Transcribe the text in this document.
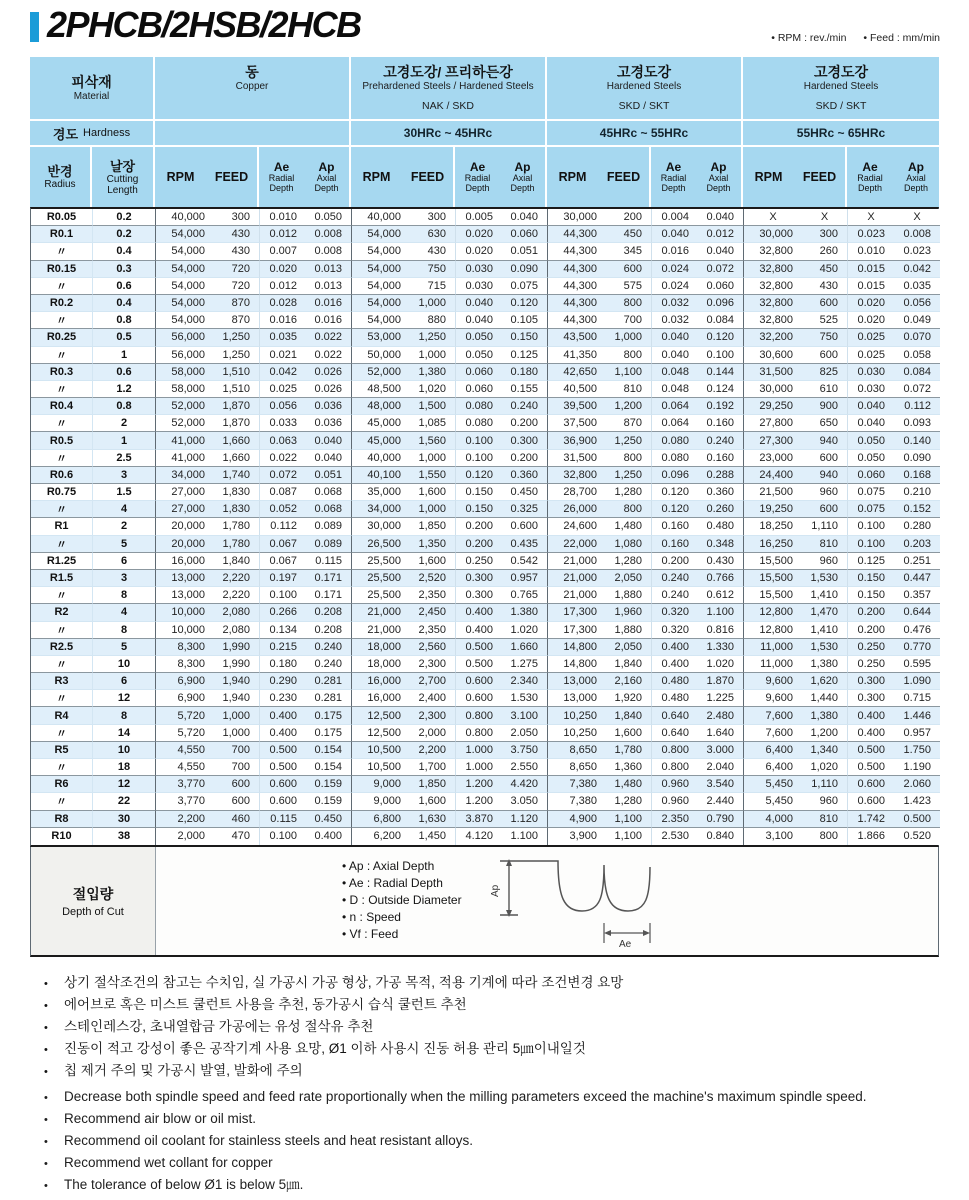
2PHCB/2HSB/2HCB	• RPM : rev./min • Feed : mm/min
피삭재
Material
동
Copper
고경도강/ 프리하든강
Prehardened Steels / Hardened Steels
NAK / SKD
고경도강
Hardened Steels
SKD / SKT
고경도강
Hardened Steels
SKD / SKT
경도 Hardness	30HRc ~ 45HRc	45HRc ~ 55HRc	55HRc ~ 65HRc
반경
Radius
날장
Cutting Length
RPM	FEED
Ae
Radial Depth
Ap
Axial Depth
RPM	FEED
Ae
Radial Depth
Ap
Axial Depth
RPM	FEED
Ae
Radial Depth
Ap
Axial Depth
RPM	FEED
Ae
Radial Depth
Ap
Axial Depth
R0.05	0.2	40,000	300	0.010	0.050	40,000	300	0.005	0.040	30,000	200	0.004	0.040	X	X	X	X
R0.1	0.2	54,000	430	0.012	0.008	54,000	630	0.020	0.060	44,300	450	0.040	0.012	30,000	300	0.023	0.008
〃	0.4	54,000	430	0.007	0.008	54,000	430	0.020	0.051	44,300	345	0.016	0.040	32,800	260	0.010	0.023
R0.15	0.3	54,000	720	0.020	0.013	54,000	750	0.030	0.090	44,300	600	0.024	0.072	32,800	450	0.015	0.042
〃	0.6	54,000	720	0.012	0.013	54,000	715	0.030	0.075	44,300	575	0.024	0.060	32,800	430	0.015	0.035
R0.2	0.4	54,000	870	0.028	0.016	54,000	1,000	0.040	0.120	44,300	800	0.032	0.096	32,800	600	0.020	0.056
〃	0.8	54,000	870	0.016	0.016	54,000	880	0.040	0.105	44,300	700	0.032	0.084	32,800	525	0.020	0.049
R0.25	0.5	56,000	1,250	0.035	0.022	53,000	1,250	0.050	0.150	43,500	1,000	0.040	0.120	32,200	750	0.025	0.070
〃	1	56,000	1,250	0.021	0.022	50,000	1,000	0.050	0.125	41,350	800	0.040	0.100	30,600	600	0.025	0.058
R0.3	0.6	58,000	1,510	0.042	0.026	52,000	1,380	0.060	0.180	42,650	1,100	0.048	0.144	31,500	825	0.030	0.084
〃	1.2	58,000	1,510	0.025	0.026	48,500	1,020	0.060	0.155	40,500	810	0.048	0.124	30,000	610	0.030	0.072
R0.4	0.8	52,000	1,870	0.056	0.036	48,000	1,500	0.080	0.240	39,500	1,200	0.064	0.192	29,250	900	0.040	0.112
〃	2	52,000	1,870	0.033	0.036	45,000	1,085	0.080	0.200	37,500	870	0.064	0.160	27,800	650	0.040	0.093
R0.5	1	41,000	1,660	0.063	0.040	45,000	1,560	0.100	0.300	36,900	1,250	0.080	0.240	27,300	940	0.050	0.140
〃	2.5	41,000	1,660	0.022	0.040	40,000	1,000	0.100	0.200	31,500	800	0.080	0.160	23,000	600	0.050	0.090
R0.6	3	34,000	1,740	0.072	0.051	40,100	1,550	0.120	0.360	32,800	1,250	0.096	0.288	24,400	940	0.060	0.168
R0.75	1.5	27,000	1,830	0.087	0.068	35,000	1,600	0.150	0.450	28,700	1,280	0.120	0.360	21,500	960	0.075	0.210
〃	4	27,000	1,830	0.052	0.068	34,000	1,000	0.150	0.325	26,000	800	0.120	0.260	19,250	600	0.075	0.152
R1	2	20,000	1,780	0.112	0.089	30,000	1,850	0.200	0.600	24,600	1,480	0.160	0.480	18,250	1,110	0.100	0.280
〃	5	20,000	1,780	0.067	0.089	26,500	1,350	0.200	0.435	22,000	1,080	0.160	0.348	16,250	810	0.100	0.203
R1.25	6	16,000	1,840	0.067	0.115	25,500	1,600	0.250	0.542	21,000	1,280	0.200	0.430	15,500	960	0.125	0.251
R1.5	3	13,000	2,220	0.197	0.171	25,500	2,520	0.300	0.957	21,000	2,050	0.240	0.766	15,500	1,530	0.150	0.447
〃	8	13,000	2,220	0.100	0.171	25,500	2,350	0.300	0.765	21,000	1,880	0.240	0.612	15,500	1,410	0.150	0.357
R2	4	10,000	2,080	0.266	0.208	21,000	2,450	0.400	1.380	17,300	1,960	0.320	1.100	12,800	1,470	0.200	0.644
〃	8	10,000	2,080	0.134	0.208	21,000	2,350	0.400	1.020	17,300	1,880	0.320	0.816	12,800	1,410	0.200	0.476
R2.5	5	8,300	1,990	0.215	0.240	18,000	2,560	0.500	1.660	14,800	2,050	0.400	1.330	11,000	1,530	0.250	0.770
〃	10	8,300	1,990	0.180	0.240	18,000	2,300	0.500	1.275	14,800	1,840	0.400	1.020	11,000	1,380	0.250	0.595
R3	6	6,900	1,940	0.290	0.281	16,000	2,700	0.600	2.340	13,000	2,160	0.480	1.870	9,600	1,620	0.300	1.090
〃	12	6,900	1,940	0.230	0.281	16,000	2,400	0.600	1.530	13,000	1,920	0.480	1.225	9,600	1,440	0.300	0.715
R4	8	5,720	1,000	0.400	0.175	12,500	2,300	0.800	3.100	10,250	1,840	0.640	2.480	7,600	1,380	0.400	1.446
〃	14	5,720	1,000	0.400	0.175	12,500	2,000	0.800	2.050	10,250	1,600	0.640	1.640	7,600	1,200	0.400	0.957
R5	10	4,550	700	0.500	0.154	10,500	2,200	1.000	3.750	8,650	1,780	0.800	3.000	6,400	1,340	0.500	1.750
〃	18	4,550	700	0.500	0.154	10,500	1,700	1.000	2.550	8,650	1,360	0.800	2.040	6,400	1,020	0.500	1.190
R6	12	3,770	600	0.600	0.159	9,000	1,850	1.200	4.420	7,380	1,480	0.960	3.540	5,450	1,110	0.600	2.060
〃	22	3,770	600	0.600	0.159	9,000	1,600	1.200	3.050	7,380	1,280	0.960	2.440	5,450	960	0.600	1.423
R8	30	2,200	460	0.115	0.450	6,800	1,630	3.870	1.120	4,900	1,100	2.350	0.790	4,000	810	1.742	0.500
R10	38	2,000	470	0.100	0.400	6,200	1,450	4.120	1.100	3,900	1,100	2.530	0.840	3,100	800	1.866	0.520
절입량
Depth of Cut
• Ap : Axial Depth
• Ae : Radial Depth
• D : Outside Diameter
• n : Speed
• Vf : Feed
Ap
Ae
• 상기 절삭조건의 참고는 수치임, 실 가공시 가공 형상, 가공 목적, 적용 기계에 따라 조건변경 요망
• 에어브로 혹은 미스트 쿨런트 사용을 추천, 동가공시 습식 쿨런트 추천
• 스테인레스강, 초내열합금 가공에는 유성 절삭유 추천
• 진동이 적고 강성이 좋은 공작기계 사용 요망, Ø1 이하 사용시 진동 허용 관리 5㎛이내일것
• 칩 제거 주의 및 가공시 발열, 발화에 주의
• Decrease both spindle speed and feed rate proportionally when the milling parameters exceed the machine's maximum spindle speed.
• Recommend air blow or oil mist.
• Recommend oil coolant for stainless steels and heat resistant alloys.
• Recommend wet collant for copper
• The tolerance of below Ø1 is below 5㎛.
